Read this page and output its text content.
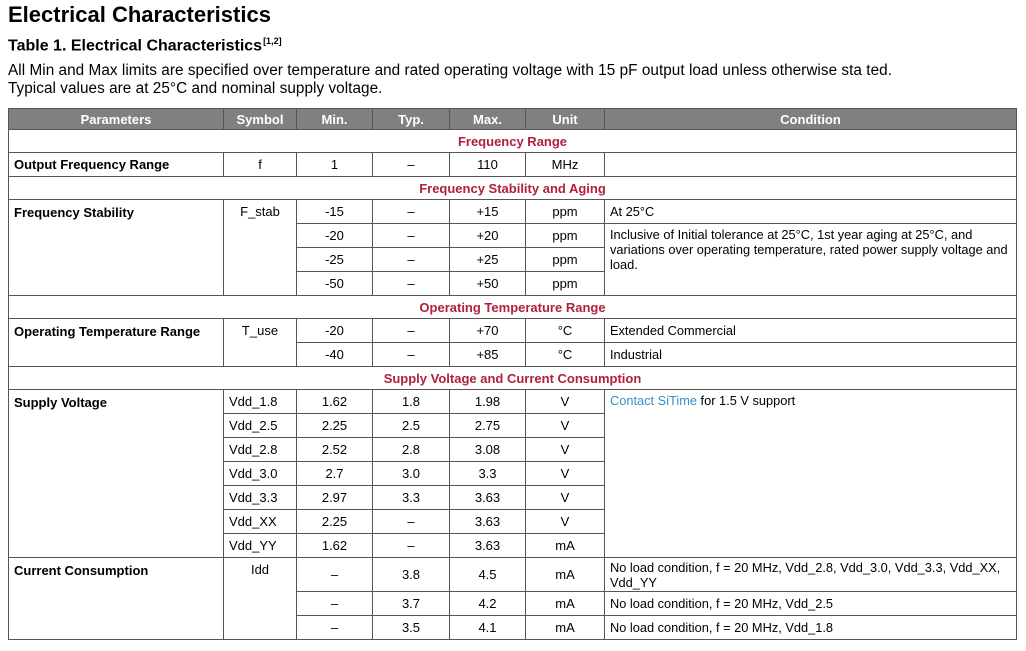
Electrical Characteristics
Table 1. Electrical Characteristics[1,2]

All Min and Max limits are specified over temperature and rated operating voltage with 15 pF output load unless otherwise sta ted.
Typical values are at 25°C and nominal supply voltage.

Parameters	Symbol	Min.	Typ.	Max.	Unit	Condition
Frequency Range						
Output Frequency Range	f	1	–	110	MHz	
Frequency Stability and Aging						
Frequency Stability	F_stab	-15	–	+15	ppm	At 25°C
		-20	–	+20	ppm	Inclusive of Initial tolerance at 25°C, 1st year aging at 25°C, and variations over operating temperature, rated power supply voltage and load.
		-25	–	+25	ppm	
		-50	–	+50	ppm	
Operating Temperature Range						
Operating Temperature Range	T_use	-20	–	+70	°C	Extended Commercial
		-40	–	+85	°C	Industrial
Supply Voltage and Current Consumption						
Supply Voltage	Vdd_1.8	1.62	1.8	1.98	V	Contact SiTime for 1.5 V support
	Vdd_2.5	2.25	2.5	2.75	V	
	Vdd_2.8	2.52	2.8	3.08	V	
	Vdd_3.0	2.7	3.0	3.3	V	
	Vdd_3.3	2.97	3.3	3.63	V	
	Vdd_XX	2.25	–	3.63	V	
	Vdd_YY	1.62	–	3.63	mA	
Current Consumption	Idd	–	3.8	4.5	mA	No load condition, f = 20 MHz, Vdd_2.8, Vdd_3.0, Vdd_3.3, Vdd_XX, Vdd_YY
		–	3.7	4.2	mA	No load condition, f = 20 MHz, Vdd_2.5
		–	3.5	4.1	mA	No load condition, f = 20 MHz, Vdd_1.8
